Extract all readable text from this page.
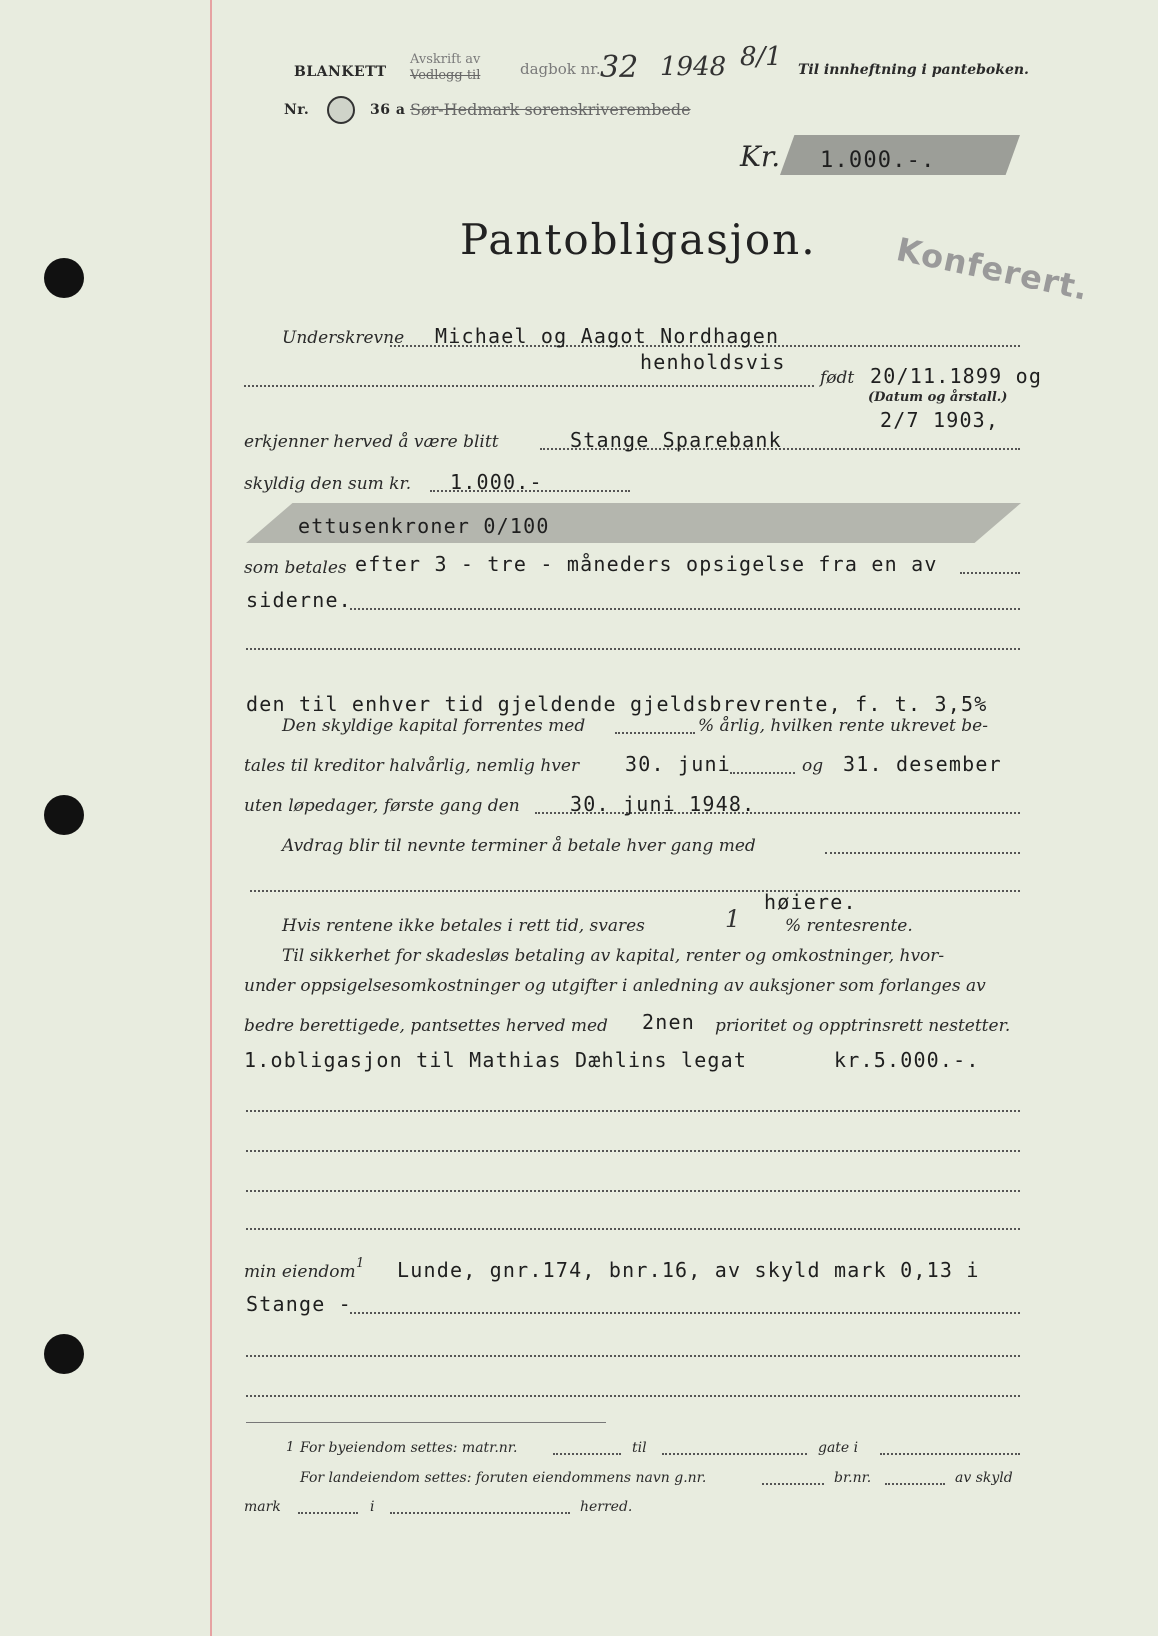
BLANKETT
Avskrift av
Vedlegg til	dagbok nr. 32 1948 8/1 Til innheftning i panteboken.
Nr.	36 a Sør-Hedmark sorenskriverembede
Kr. 1.000.-.
Pantobligasjon. Konferert.
Underskrevne Michael og Aagot Nordhagen
henholdsvis
født 20/11.1899 og
(Datum og årstall.)
2/7 1903,
erkjenner herved å være blitt	Stange Sparebank
skyldig den sum kr. 1.000.-
ettusenkroner 0/100
som betales efter 3 - tre - måneders opsigelse fra en av
siderne.
den til enhver tid gjeldende gjeldsbrevrente, f. t. 3,5%
Den skyldige kapital forrentes med	% årlig, hvilken rente ukrevet be-
tales til kreditor halvårlig, nemlig hver 30. juni	og 31. desember
uten løpedager, første gang den	30. juni 1948.
Avdrag blir til nevnte terminer å betale hver gang med
høiere.
Hvis rentene ikke betales i rett tid, svares	1	% rentesrente.
Til sikkerhet for skadesløs betaling av kapital, renter og omkostninger, hvor-
under oppsigelsesomkostninger og utgifter i anledning av auksjoner som forlanges av
bedre berettigede, pantsettes herved med 2nen prioritet og opptrinsrett nestetter.
1.obligasjon til Mathias Dæhlins legat	kr.5.000.-.
min eiendom 1 Lunde, gnr.174, bnr.16, av skyld mark 0,13 i
Stange -
1 For byeiendom settes: matr.nr.	til	gate i
For landeiendom settes: foruten eiendommens navn g.nr.	br.nr.	av skyld
mark	i	herred.
